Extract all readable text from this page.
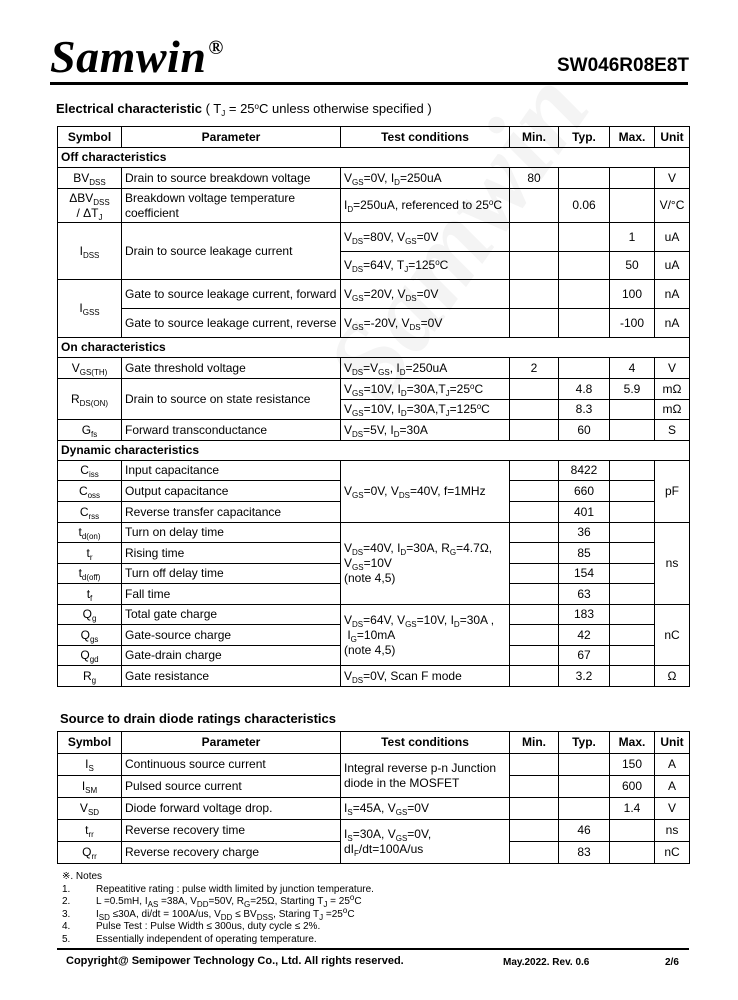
Samwin ®
SW046R08E8T
Electrical characteristic ( $T_J = 25^oC$ unless otherwise specified )
Symbol	Parameter	Test conditions	Min.	Typ.	Max.	Unit
Off characteristics						
$BV_{DSS}$	Drain to source breakdown voltage	$V_{GS}=0V$, $I_D=250uA$	80			V
$\Delta BV_{DSS}$
/ $\Delta T_J$	Breakdown voltage temperature coefficient	$I_D=250uA$, referenced to 25$^o$C		0.06		V/°C
$I_{DSS}$	Drain to source leakage current	$V_{DS}=80V$, $V_{GS}=0V$			1	uA
		$V_{DS}=64V$, $T_J=125^oC$			50	uA
$I_{GSS}$	Gate to source leakage current, forward	$V_{GS}=20V$, $V_{DS}=0V$			100	nA
	Gate to source leakage current, reverse	$V_{GS}=-20V$, $V_{DS}=0V$			-100	nA
On characteristics						
$V_{GS(TH)}$	Gate threshold voltage	$V_{DS}=V_{GS}$, $I_D=250uA$	2		4	V
$R_{DS(ON)}$	Drain to source on state resistance	$V_{GS}=10V$, $I_D=30A,T_J=25^oC$		4.8	5.9	mΩ
		$V_{GS}=10V$, $I_D=30A,T_J=125^oC$		8.3		mΩ
$G_{fs}$	Forward transconductance	$V_{DS}=5V$, $I_D=30A$		60		S
Dynamic characteristics						
$C_{iss}$	Input capacitance	$V_{GS}=0V$, $V_{DS}=40V$, f=1MHz		8422		pF
$C_{oss}$	Output capacitance			660		
$C_{rss}$	Reverse transfer capacitance			401		
$t_{d(on)}$	Turn on delay time	$V_{DS}=40V$, $I_D=30A$, $R_G=4.7\Omega$,
$V_{GS}=10V$
(note 4,5)		36		ns
$t_r$	Rising time			85		
$t_{d(off)}$	Turn off delay time			154		
$t_f$	Fall time			63		
$Q_g$	Total gate charge	$V_{DS}=64V$, $V_{GS}=10V$, $I_D=30A$ ,
$I_G=10mA$
(note 4,5)		183		nC
$Q_{gs}$	Gate-source charge			42		
$Q_{gd}$	Gate-drain charge			67		
$R_g$	Gate resistance	$V_{DS}=0V$, Scan F mode		3.2		Ω
Source to drain diode ratings characteristics
Symbol	Parameter	Test conditions	Min.	Typ.	Max.	Unit
$I_S$	Continuous source current	Integral reverse p-n Junction diode in the MOSFET			150	A
$I_{SM}$	Pulsed source current				600	A
$V_{SD}$	Diode forward voltage drop.	$I_S=45A$, $V_{GS}=0V$			1.4	V
$t_{rr}$	Reverse recovery time	$I_S=30A$, $V_{GS}=0V$,
$dI_F/dt=100A/us$		46		ns
$Q_{rr}$	Reverse recovery charge			83		nC
※. Notes
1.	Repeatitive rating : pulse width limited by junction temperature.
2.	L =0.5mH, $I_{AS} =38A$, $V_{DD}=50V$, $R_G=25\Omega$, Starting $T_J = 25^oC$
3.	$I_{SD} \le 30A$, di/dt = 100A/us, $V_{DD} \le BV_{DSS}$, Staring $T_J =25^oC$
4.	Pulse Test : Pulse Width ≤ 300us, duty cycle ≤ 2%.
5.	Essentially independent of operating temperature.
Copyright@ Semipower Technology Co., Ltd. All rights reserved.	May.2022. Rev. 0.6	2/6
